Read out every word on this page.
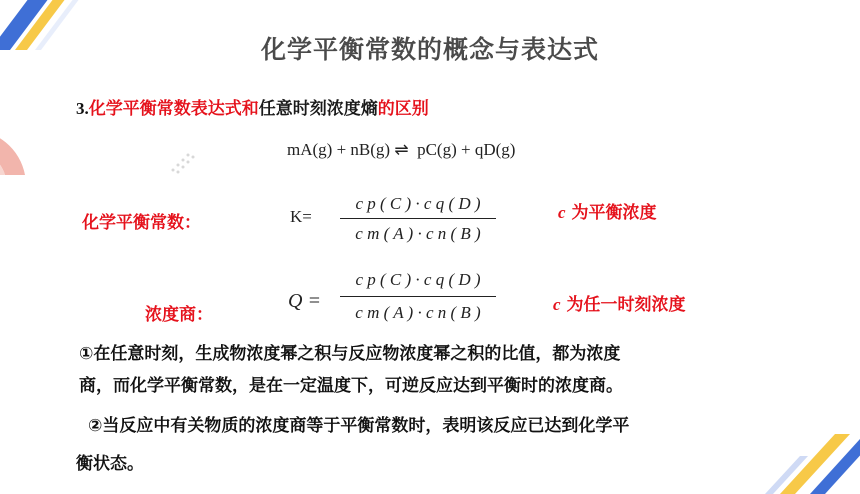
化学平衡常数的概念与表达式
3.化学平衡常数表达式和任意时刻浓度熵的区别
mA(g) + nB(g) ⇌  pC(g) + qD(g)
化学平衡常数：	K=
c p ( C ) · c q ( D )
c m ( A ) · c n ( B )
c 为平衡浓度
浓度商：
Q =
c p ( C ) · c q ( D )
c m ( A ) · c n ( B )	c 为任一时刻浓度
①在任意时刻，生成物浓度幂之积与反应物浓度幂之积的比值，都为浓度
商，而化学平衡常数，是在一定温度下，可逆反应达到平衡时的浓度商。
②当反应中有关物质的浓度商等于平衡常数时，表明该反应已达到化学平
衡状态。
